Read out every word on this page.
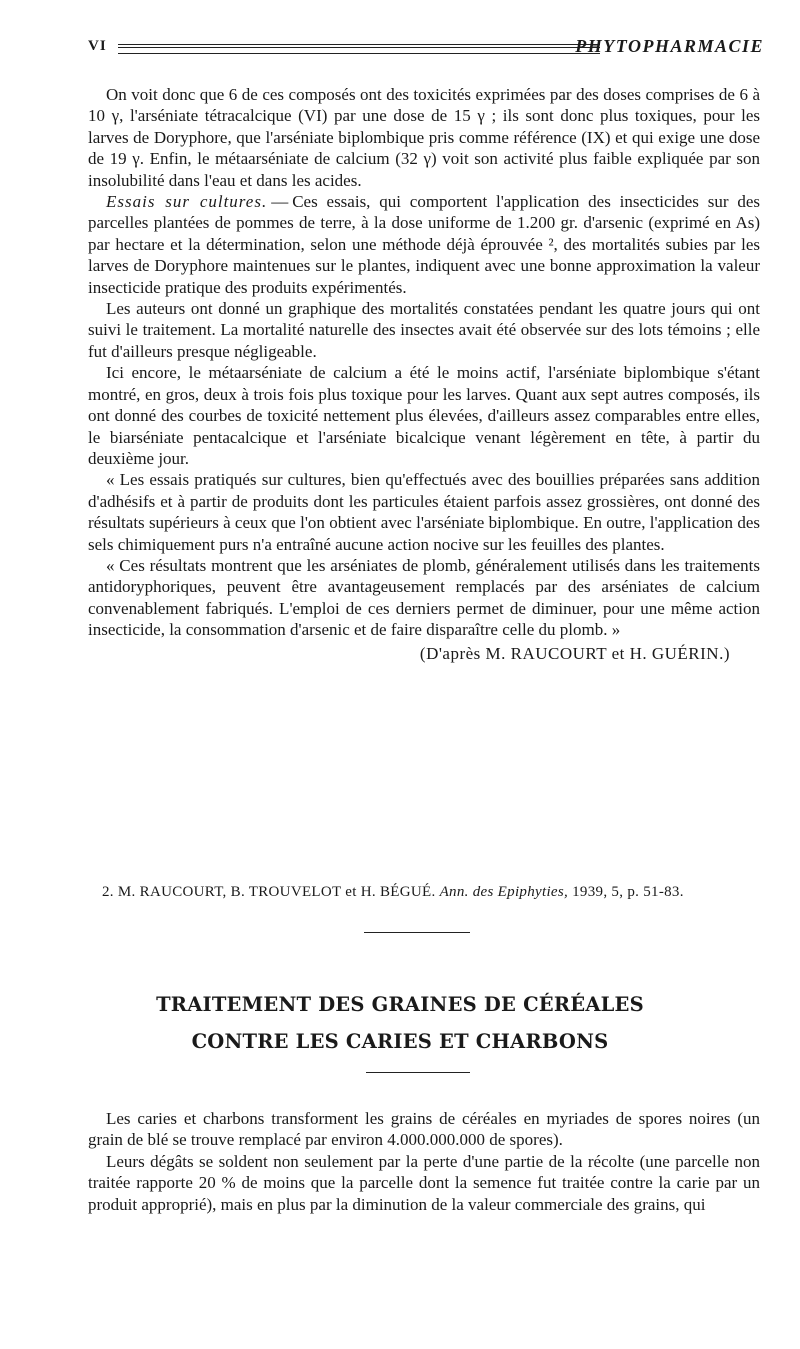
VI	PHYTOPHARMACIE

On voit donc que 6 de ces composés ont des toxicités exprimées par des doses comprises de 6 à 10 γ, l'arséniate tétracalcique (VI) par une dose de 15 γ ; ils sont donc plus toxiques, pour les larves de Doryphore, que l'arséniate biplombique pris comme référence (IX) et qui exige une dose de 19 γ. Enfin, le métaarséniate de calcium (32 γ) voit son activité plus faible expliquée par son insolubilité dans l'eau et dans les acides.

Essais sur cultures. — Ces essais, qui comportent l'application des insecticides sur des parcelles plantées de pommes de terre, à la dose uniforme de 1.200 gr. d'arsenic (exprimé en As) par hectare et la détermination, selon une méthode déjà éprouvée ², des mortalités subies par les larves de Doryphore maintenues sur le plantes, indiquent avec une bonne approximation la valeur insecticide pratique des produits expérimentés.

Les auteurs ont donné un graphique des mortalités constatées pendant les quatre jours qui ont suivi le traitement. La mortalité naturelle des insectes avait été observée sur des lots témoins ; elle fut d'ailleurs presque négligeable.

Ici encore, le métaarséniate de calcium a été le moins actif, l'arséniate biplombique s'étant montré, en gros, deux à trois fois plus toxique pour les larves. Quant aux sept autres composés, ils ont donné des courbes de toxicité nettement plus élevées, d'ailleurs assez comparables entre elles, le biarséniate pentacalcique et l'arséniate bicalcique venant légèrement en tête, à partir du deuxième jour.

« Les essais pratiqués sur cultures, bien qu'effectués avec des bouillies préparées sans addition d'adhésifs et à partir de produits dont les particules étaient parfois assez grossières, ont donné des résultats supérieurs à ceux que l'on obtient avec l'arséniate biplombique. En outre, l'application des sels chimiquement purs n'a entraîné aucune action nocive sur les feuilles des plantes.

« Ces résultats montrent que les arséniates de plomb, généralement utilisés dans les traitements antidoryphoriques, peuvent être avantageusement remplacés par des arséniates de calcium convenablement fabriqués. L'emploi de ces derniers permet de diminuer, pour une même action insecticide, la consommation d'arsenic et de faire disparaître celle du plomb. »

(D'après M. RAUCOURT et H. GUÉRIN.)
2. M. RAUCOURT, B. TROUVELOT et H. BÉGUÉ. Ann. des Epiphyties, 1939, 5, p. 51-83.
TRAITEMENT DES GRAINES DE CÉRÉALES
CONTRE LES CARIES ET CHARBONS

Les caries et charbons transforment les grains de céréales en myriades de spores noires (un grain de blé se trouve remplacé par environ 4.000.000.000 de spores).

Leurs dégâts se soldent non seulement par la perte d'une partie de la récolte (une parcelle non traitée rapporte 20 % de moins que la parcelle dont la semence fut traitée contre la carie par un produit approprié), mais en plus par la diminution de la valeur commerciale des grains, qui
